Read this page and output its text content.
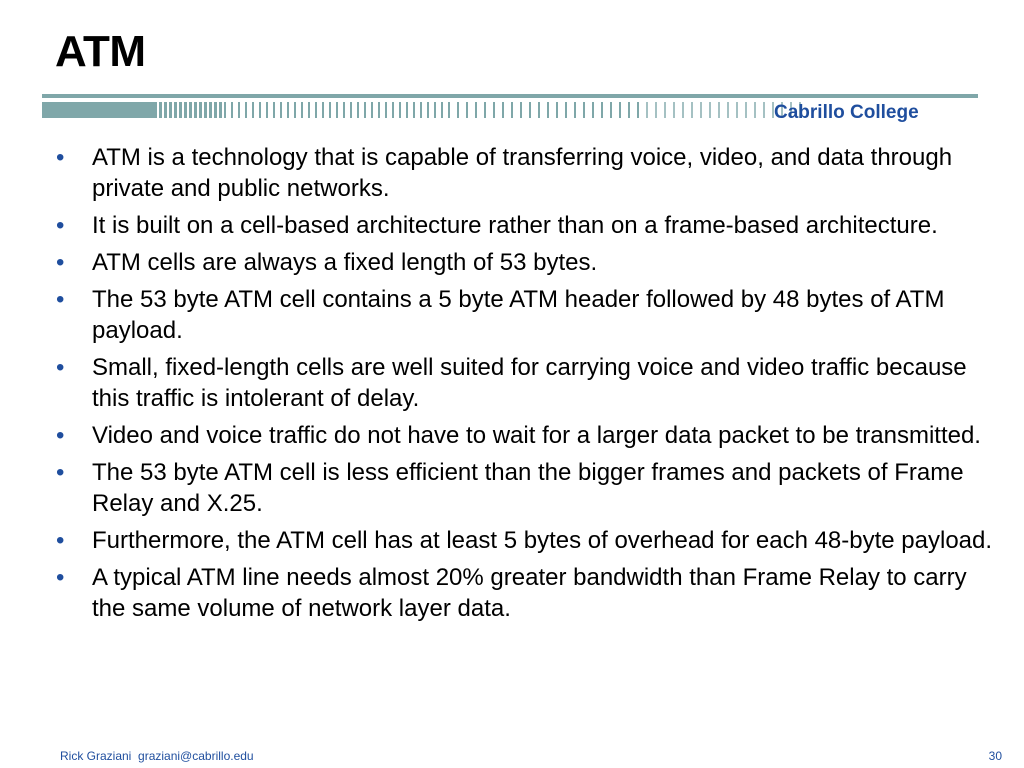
ATM
Cabrillo College
• ATM is a technology that is capable of transferring voice, video, and data through private and public networks.
• It is built on a cell-based architecture rather than on a frame-based architecture.
• ATM cells are always a fixed length of 53 bytes.
• The 53 byte ATM cell contains a 5 byte ATM header followed by 48 bytes of ATM payload.
• Small, fixed-length cells are well suited for carrying voice and video traffic because this traffic is intolerant of delay.
• Video and voice traffic do not have to wait for a larger data packet to be transmitted.
• The 53 byte ATM cell is less efficient than the bigger frames and packets of Frame Relay and X.25.
• Furthermore, the ATM cell has at least 5 bytes of overhead for each 48-byte payload.
• A typical ATM line needs almost 20% greater bandwidth than Frame Relay to carry the same volume of network layer data.
Rick Graziani  graziani@cabrillo.edu	30
